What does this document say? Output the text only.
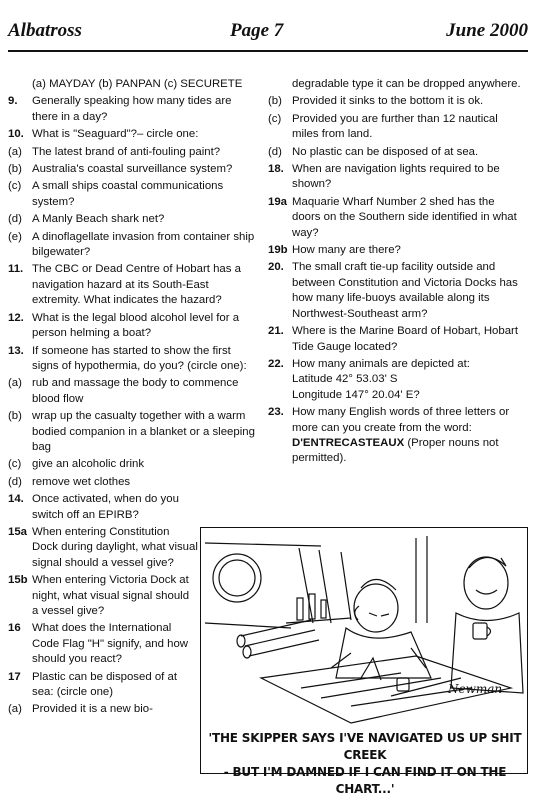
Albatross	Page 7	June 2000
(a) MAYDAY (b) PANPAN (c) SECURETE
9.	Generally speaking how many tides are there in a day?
10. What is "Seaguard"?– circle one:
(a) The latest brand of anti-fouling paint?
(b) Australia's coastal surveillance system?
(c) A small ships coastal communications system?
(d) A Manly Beach shark net?
(e) A dinoflagellate invasion from container ship bilgewater?
11. The CBC or Dead Centre of Hobart has a navigation hazard at its South-East extremity. What indicates the hazard?
12. What is the legal blood alcohol level for a person helming a boat?
13. If someone has started to show the first signs of hypothermia, do you? (circle one):
(a) rub and massage the body to commence blood flow
(b) wrap up the casualty together with a warm bodied companion in a blanket or a sleeping bag
(c) give an alcoholic drink
(d) remove wet clothes
14. Once activated, when do you switch off an EPIRB?
15a When entering Constitution Dock during daylight, what visual signal should a vessel give?
15b When entering Victoria Dock at night, what visual signal should a vessel give?
16 What does the International Code Flag "H" signify, and how should you react?
17 Plastic can be disposed of at sea: (circle one)
(a) Provided it is a new bio-
degradable type it can be dropped anywhere.
(b) Provided it sinks to the bottom it is ok.
(c) Provided you are further than 12 nautical miles from land.
(d) No plastic can be disposed of at sea.
18. When are navigation lights required to be shown?
19a Maquarie Wharf Number 2 shed has the doors on the Southern side identified in what way?
19b How many are there?
20. The small craft tie-up facility outside and between Constitution and Victoria Docks has how many life-buoys available along its Northwest-Southeast arm?
21. Where is the Marine Board of Hobart, Hobart Tide Gauge located?
22. How many animals are depicted at:
Latitude 42° 53.03' S
Longitude 147° 20.04' E?
23. How many English words of three letters or more can you create from the word: D'ENTRECASTEAUX (Proper nouns not permitted).
Newman
'THE SKIPPER SAYS I'VE NAVIGATED US UP SHIT CREEK
- BUT I'M DAMNED IF I CAN FIND IT ON THE CHART...'
